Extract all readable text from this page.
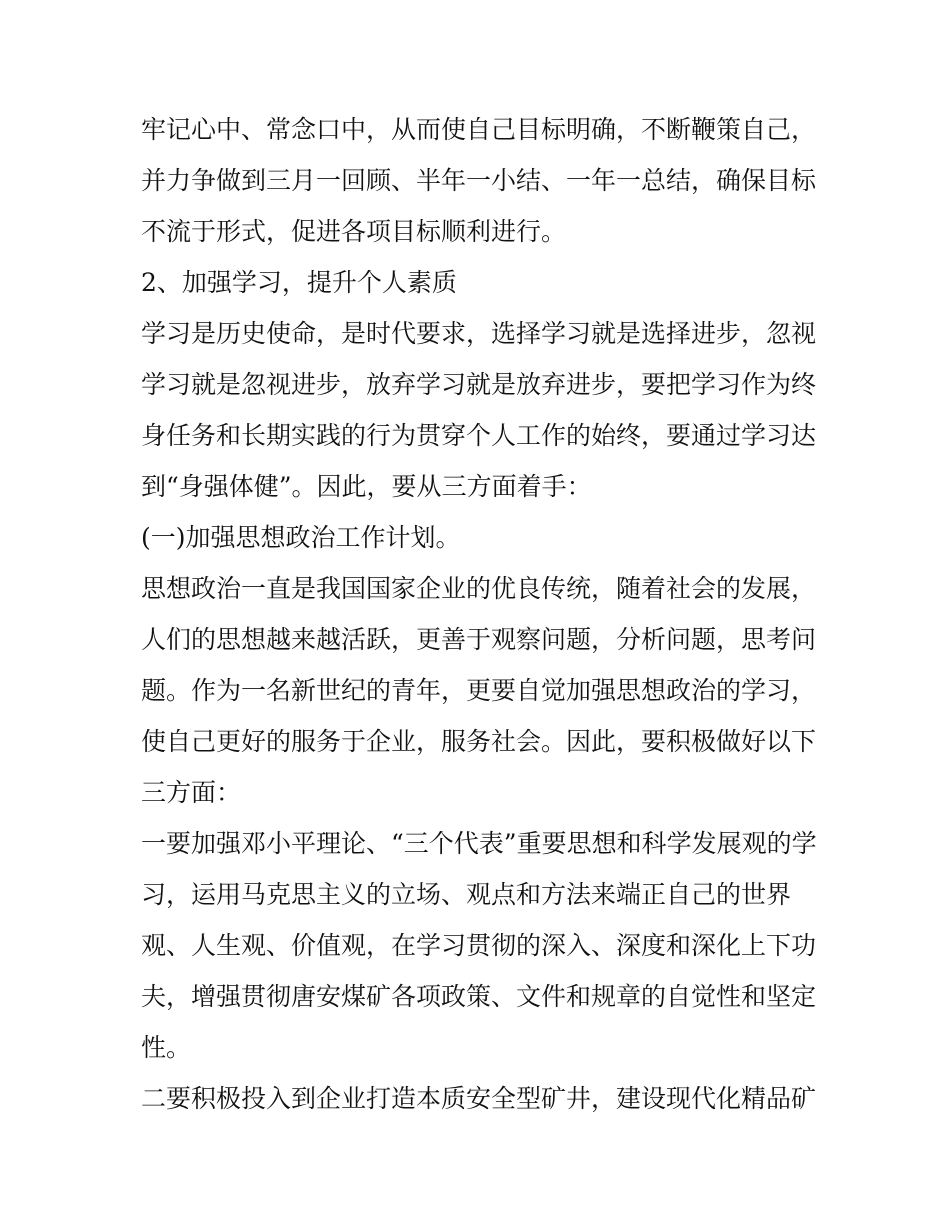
牢记心中、常念口中，从而使自己目标明确，不断鞭策自己，
并力争做到三月一回顾、半年一小结、一年一总结，确保目标
不流于形式，促进各项目标顺利进行。
2、加强学习，提升个人素质
学习是历史使命，是时代要求，选择学习就是选择进步，忽视
学习就是忽视进步，放弃学习就是放弃进步，要把学习作为终
身任务和长期实践的行为贯穿个人工作的始终，要通过学习达
到“身强体健”。因此，要从三方面着手：
(一)加强思想政治工作计划。
思想政治一直是我国国家企业的优良传统，随着社会的发展，
人们的思想越来越活跃，更善于观察问题，分析问题，思考问
题。作为一名新世纪的青年，更要自觉加强思想政治的学习，
使自己更好的服务于企业，服务社会。因此，要积极做好以下
三方面：
一要加强邓小平理论、“三个代表”重要思想和科学发展观的学
习，运用马克思主义的立场、观点和方法来端正自己的世界
观、人生观、价值观，在学习贯彻的深入、深度和深化上下功
夫，增强贯彻唐安煤矿各项政策、文件和规章的自觉性和坚定
性。
二要积极投入到企业打造本质安全型矿井，建设现代化精品矿
